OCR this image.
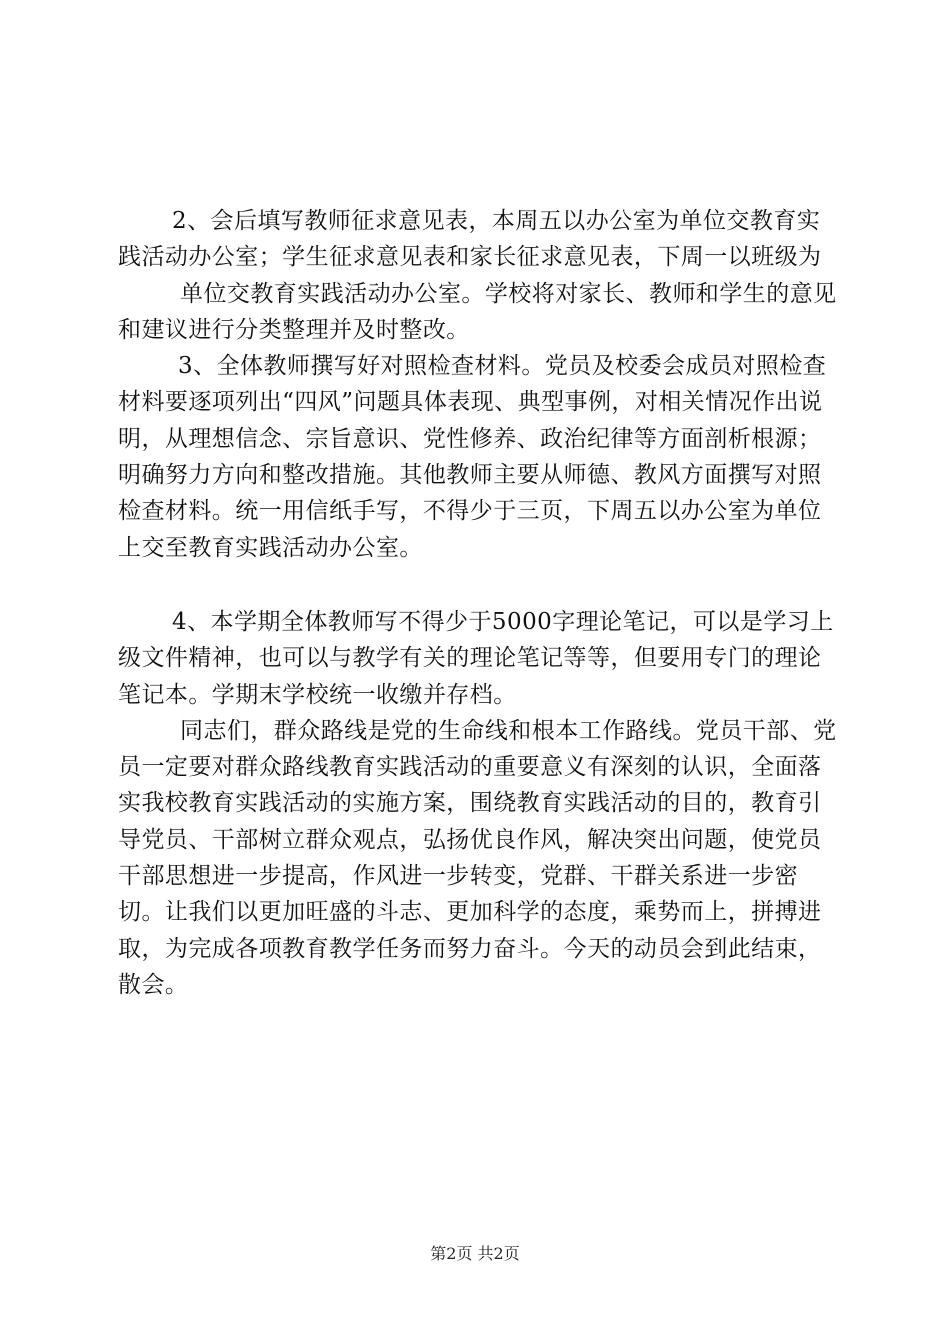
2、会后填写教师征求意见表，本周五以办公室为单位交教育实践活动办公室；学生征求意见表和家长征求意见表，下周一以班级为

单位交教育实践活动办公室。学校将对家长、教师和学生的意见和建议进行分类整理并及时整改。

3、全体教师撰写好对照检查材料。党员及校委会成员对照检查材料要逐项列出“四风”问题具体表现、典型事例，对相关情况作出说明，从理想信念、宗旨意识、党性修养、政治纪律等方面剖析根源；明确努力方向和整改措施。其他教师主要从师德、教风方面撰写对照检查材料。统一用信纸手写，不得少于三页，下周五以办公室为单位上交至教育实践活动办公室。

4、本学期全体教师写不得少于5000字理论笔记，可以是学习上级文件精神，也可以与教学有关的理论笔记等等，但要用专门的理论笔记本。学期末学校统一收缴并存档。

同志们，群众路线是党的生命线和根本工作路线。党员干部、党员一定要对群众路线教育实践活动的重要意义有深刻的认识，全面落实我校教育实践活动的实施方案，围绕教育实践活动的目的，教育引导党员、干部树立群众观点，弘扬优良作风，解决突出问题，使党员干部思想进一步提高，作风进一步转变，党群、干群关系进一步密切。让我们以更加旺盛的斗志、更加科学的态度，乘势而上，拼搏进取，为完成各项教育教学任务而努力奋斗。今天的动员会到此结束，散会。

第2页 共2页
